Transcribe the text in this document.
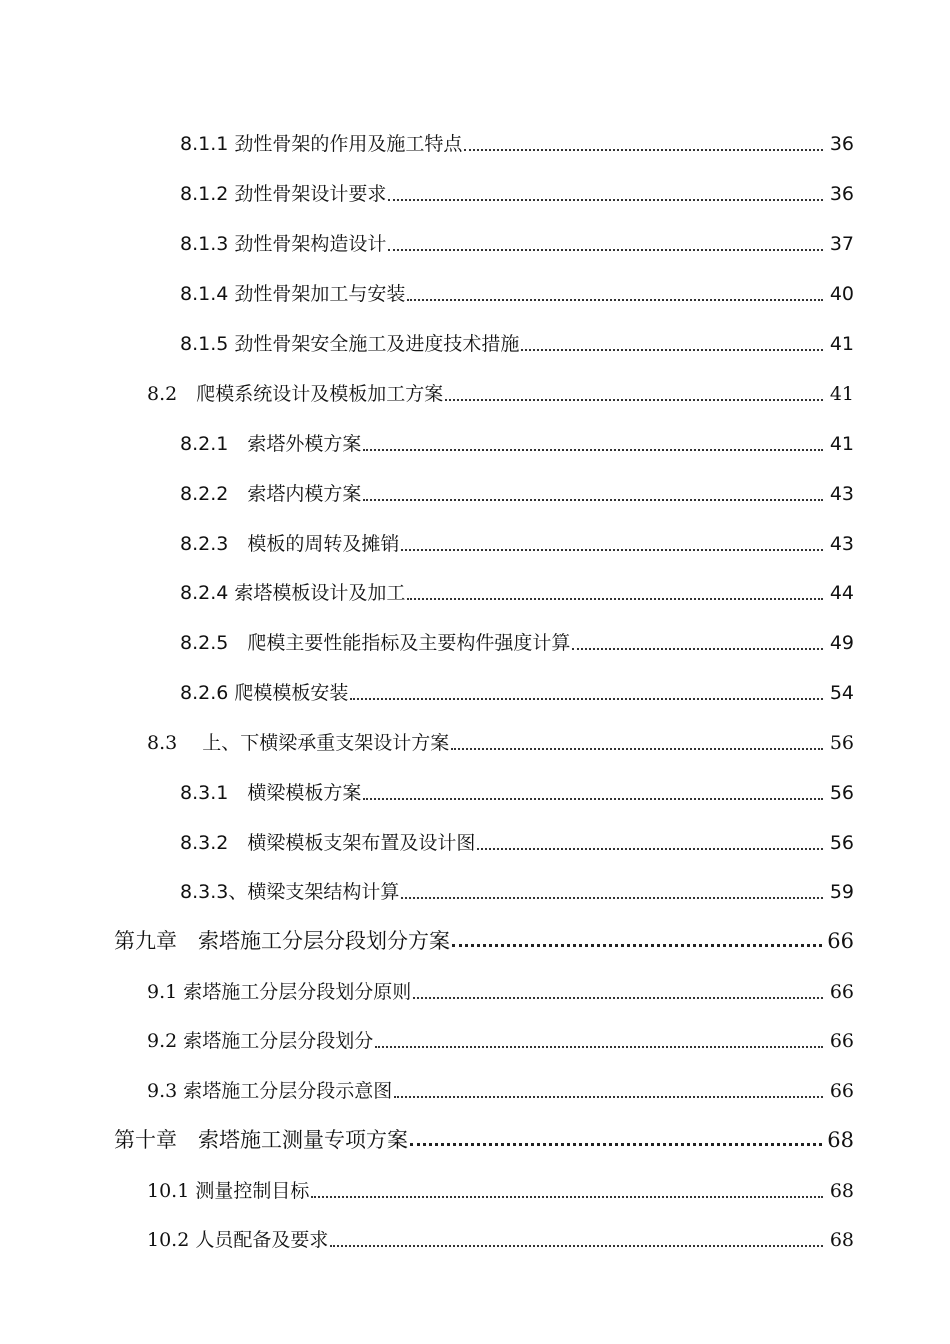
8.1.1 劲性骨架的作用及施工特点	36
8.1.2 劲性骨架设计要求	36
8.1.3 劲性骨架构造设计	37
8.1.4 劲性骨架加工与安装	40
8.1.5 劲性骨架安全施工及进度技术措施	41
8.2　爬模系统设计及模板加工方案	41
8.2.1　索塔外模方案	41
8.2.2　索塔内模方案	43
8.2.3　模板的周转及摊销	43
8.2.4 索塔模板设计及加工	44
8.2.5　爬模主要性能指标及主要构件强度计算	49
8.2.6 爬模模板安装	54
8.3　 上、下横梁承重支架设计方案	56
8.3.1　横梁模板方案	56
8.3.2　横梁模板支架布置及设计图	56
8.3.3、横梁支架结构计算	59
第九章　索塔施工分层分段划分方案	66
9.1 索塔施工分层分段划分原则	66
9.2 索塔施工分层分段划分	66
9.3 索塔施工分层分段示意图	66
第十章　索塔施工测量专项方案	68
10.1 测量控制目标	68
10.2 人员配备及要求	68
